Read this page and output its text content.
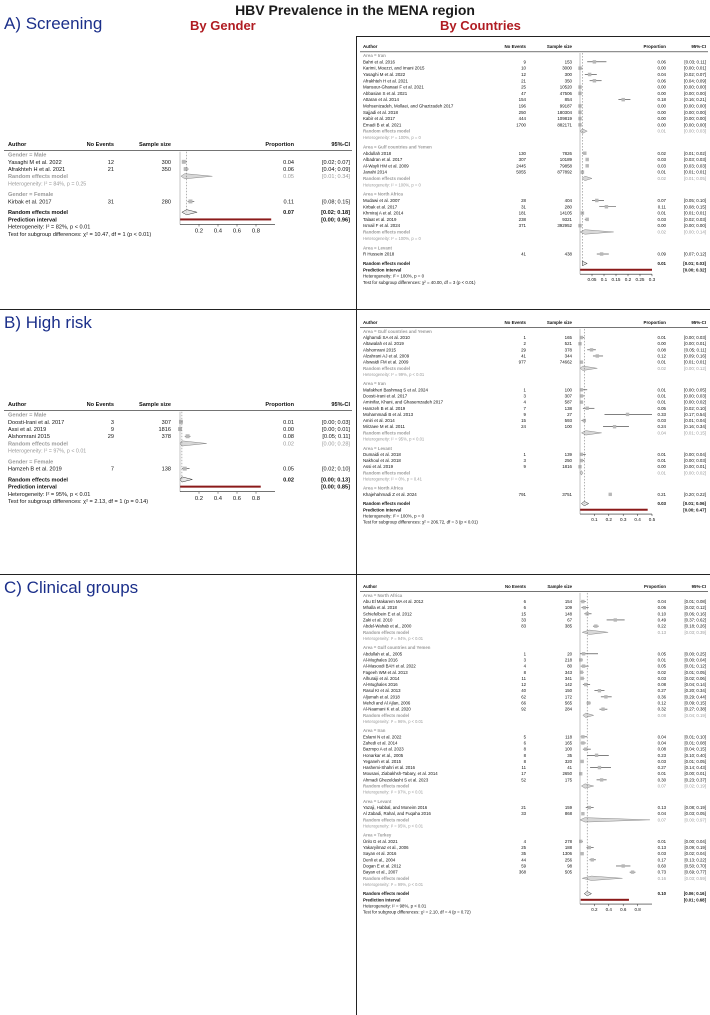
HBV Prevalence in the MENA region
A) Screening	By Gender	By Countries
B) High risk
C) Clinical groups
Author	No Events	Sample size	Proportion	95%-CI
Gender = Male
Yasaghi M et al. 2022	12	300	0.04	[0.02; 0.07]
Afrakhteh H et al. 2021	21	350	0.06	[0.04; 0.09]
Random effects model	0.05	[0.01; 0.34]
Heterogeneity: I² = 84%, p = 0.25
Gender = Female
Kirbak et al. 2017	31	280	0.11	[0.08; 0.15]
Random effects model	0.07	[0.02; 0.18]
Prediction interval	[0.00; 0.96]
Heterogeneity: I² = 82%, p < 0.01
0.2 0.4 0.6 0.8
Test for subgroup differences: χ² = 10.47, df = 1 (p < 0.01)
Author	No Events	Sample size	Proportion	95%-CI
Area = Iran
Bahri et al. 2016	9	153	0.06	[0.03; 0.11]
Karimi, Moezzi, and Imani 2015	10	3000	0.00	[0.00; 0.01]
Yasaghi M et al. 2022	12	300	0.04	[0.02; 0.07]
Afrakhteh H et al. 2021	21	350	0.06	[0.04; 0.09]
Mansour-Ghanaei F et al. 2021	25	10520	0.00	[0.00; 0.00]
Abbasian S et al. 2021	47	47506	0.00	[0.00; 0.00]
Attaran et al. 2014	154	854	0.18	[0.16; 0.21]
Mohsenizadeh, Mollaei, and Ghazizadeh 2017	196	99187	0.00	[0.00; 0.00]
Sajjadi et al. 2018	250	180304	0.00	[0.00; 0.00]
Kabir et al. 2017	444	109819	0.00	[0.00; 0.00]
Emadi B et al. 2021	1700	882171	0.00	[0.00; 0.00]
Random effects model	0.01	[0.00; 0.03]
Heterogeneity: I² = 100%, p = 0
Area = Gulf countries and Yemen
Abdullah 2018	130	7826	0.02	[0.01; 0.02]
Albadran et al. 2017	307	10189	0.03	[0.03; 0.03]
Al-Wayli HM et al. 2009	2445	79858	0.03	[0.03; 0.03]
Janahi 2014	5055	877892	0.01	[0.01; 0.01]
Random effects model	0.02	[0.01; 0.05]
Heterogeneity: I² = 100%, p = 0
Area = North Africa
Mudawi et al. 2007	28	404	0.07	[0.05; 0.10]
Kirbak et al. 2017	31	280	0.11	[0.08; 0.15]
Khmiraj A et al. 2014	181	14105	0.01	[0.01; 0.01]
Talaat et al. 2019	238	9321	0.03	[0.02; 0.03]
Ismail F et al. 2024	371	392952	0.00	[0.00; 0.00]
Random effects model	0.02	[0.00; 0.14]
Heterogeneity: I² = 100%, p = 0
Area = Levant
R Hussein 2018	41	438	0.09	[0.07; 0.12]
Random effects model	0.01	[0.01; 0.03]
Prediction interval	[0.00; 0.32]
Heterogeneity: I² = 100%, p = 0
0.05 0.1 0.15 0.2 0.25 0.3
Test for subgroup differences: χ² = 40.00, df = 3 (p < 0.01)
Author	No Events	Sample size	Proportion	95%-CI
Gender = Male
Doosti-Irani et al. 2017	3	307	0.01	[0.00; 0.03]
Assi et al. 2019	9	1816	0.00	[0.00; 0.01]
Alshomrani 2015	29	378	0.08	[0.05; 0.11]
Random effects model	0.02	[0.00; 0.28]
Heterogeneity: I² = 97%, p < 0.01
Gender = Female
Hamzeh B et al. 2019	7	138	0.05	[0.02; 0.10]
Random effects model	0.02	[0.00; 0.13]
Prediction interval	[0.00; 0.85]
Heterogeneity: I² = 95%, p < 0.01
0.2 0.4 0.6 0.8
Test for subgroup differences: χ² = 2.13, df = 1 (p = 0.14)
Author	No Events	Sample size	Proportion	95%-CI
Area = Gulf countries and Yemen
Alghamdi SA et al. 2010	1	165	0.01	[0.00; 0.03]
Altawalah et al. 2019	2	521	0.00	[0.00; 0.01]
Alshomrani 2015	29	378	0.08	[0.05; 0.11]
Alzahrani AJ et al. 2009	41	344	0.12	[0.09; 0.16]
Alswaidi FM et al. 2009	977	74662	0.01	[0.01; 0.01]
Random effects model	0.02	[0.00; 0.12]
Heterogeneity: I² = 99%, p < 0.01
Area = Iran
Mafakheri Bashmaq S et al. 2024	1	100	0.01	[0.00; 0.05]
Doosti-Irani et al. 2017	3	307	0.01	[0.00; 0.03]
Amini​far, Khani, and Ghasemzadeh 2017	4	587	0.01	[0.00; 0.02]
Hamzeh B et al. 2019	7	138	0.05	[0.02; 0.10]
Mohammadi B et al. 2013	9	27	0.33	[0.17; 0.54]
Amiri et al. 2014	15	593	0.03	[0.01; 0.04]
Mirzaee M et al. 2011	24	100	0.24	[0.16; 0.34]
Random effects model	0.04	[0.01; 0.15]
Heterogeneity: I² = 95%, p < 0.01
Area = Levant
Dumaidi et al. 2018	1	139	0.01	[0.00; 0.04]
Nakhoul et al. 2018	3	250	0.01	[0.00; 0.03]
Assi et al. 2019	9	1816	0.00	[0.00; 0.01]
Random effects model	0.01	[0.00; 0.02]
Heterogeneity: I² = 0%, p = 0.41
Area = North Africa
Khajehahmadi Z et al. 2024	791	3751	0.21	[0.20; 0.22]
Random effects model	0.03	[0.01; 0.06]
Prediction interval	[0.00; 0.47]
Heterogeneity: I² = 100%, p = 0
0.1 0.2 0.3 0.4 0.5
Test for subgroup differences: χ² = 206.72, df = 3 (p < 0.01)
Author	No Events	Sample size	Proportion	95%-CI
Area = North Africa
Abu El Makarem MA et al. 2012	6	154	0.04	[0.01; 0.08]
Mhalla et al. 2018	6	109	0.06	[0.02; 0.12]
Schiefelbein E et al. 2012	15	148	0.10	[0.06; 0.16]
Zaki et al. 2010	33	67	0.49	[0.37; 0.62]
Abdel-Wahab et al., 2000	83	385	0.22	[0.18; 0.26]
Random effects model	0.13	[0.03; 0.39]
Heterogeneity: I² = 94%, p < 0.01
Area = Gulf countries and Yemen
Abdullah et al., 2005	1	20	0.05	[0.00; 0.25]
Al-Mughales 2016	3	218	0.01	[0.00; 0.04]
Al-Masoodi BAH et al. 2022	4	80	0.05	[0.01; 0.12]
Fageeh WM et al. 2013	8	343	0.02	[0.01; 0.05]
Alhuraiji et al. 2014	11	341	0.03	[0.02; 0.06]
Al-Mughales 2016	12	142	0.08	[0.04; 0.14]
Rasul KI et al. 2013	40	150	0.27	[0.20; 0.34]
Aljumah et al. 2018	62	172	0.36	[0.29; 0.44]
Mehdi and Al Ajlan, 2006	66	565	0.12	[0.09; 0.15]
Al-Naamani K et al. 2020	92	284	0.32	[0.27; 0.38]
Random effects model	0.08	[0.04; 0.19]
Heterogeneity: I² = 96%, p < 0.01
Area = Iran
Eslami N et al. 2022	5	118	0.04	[0.01; 0.10]
Zahedi et al. 2014	6	165	0.04	[0.01; 0.08]
Bazmpo A et al. 2023	8	100	0.08	[0.04; 0.15]
Honarkar et al., 2005	8	35	0.23	[0.10; 0.40]
Yeganeh et al. 2015	8	320	0.03	[0.01; 0.05]
Hashemi-Shahri et al. 2016	11	41	0.27	[0.14; 0.43]
Mousavi, Ziabakhsh-Tabary, et al. 2014	17	2650	0.01	[0.00; 0.01]
Ahmadi Ghezeldasht S et al. 2023	52	175	0.30	[0.23; 0.37]
Random effects model	0.07	[0.02; 0.19]
Heterogeneity: I² = 97%, p < 0.01
Area = Levant
Yazaji, Habbal, and Moneim 2016	21	159	0.13	[0.08; 0.19]
Al Zabadi, Rahal, and Fuqaha 2016	33	868	0.04	[0.03; 0.05]
Random effects model	0.07	[0.00; 0.97]
Heterogeneity: I² = 95%, p < 0.01
Area = Turkey
Ünlü G et al. 2021	4	278	0.01	[0.00; 0.04]
Yakaryilmaz et al., 2006	25	188	0.13	[0.09; 0.19]
Sayan et al. 2016	35	1306	0.03	[0.02; 0.04]
Denli et al., 2004	44	256	0.17	[0.13; 0.22]
Dogan E et al. 2012	59	98	0.60	[0.50; 0.70]
Bayan et al., 2007	368	505	0.73	[0.69; 0.77]
Random effects model	0.16	[0.03; 0.59]
Heterogeneity: I² = 99%, p < 0.01
Random effects model	0.10	[0.06; 0.16]
Prediction interval	[0.01; 0.68]
Heterogeneity: I² = 98%, p < 0.01
0.2 0.4 0.6 0.8
Test for subgroup differences: χ² = 2.10, df = 4 (p = 0.72)
